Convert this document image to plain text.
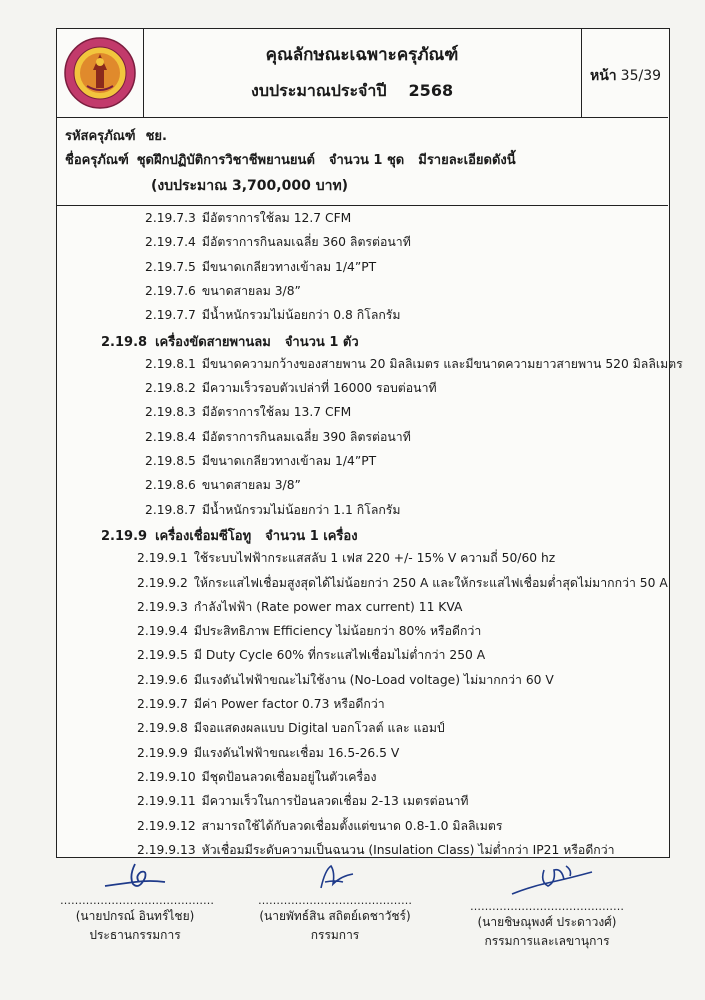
คุณลักษณะเฉพาะครุภัณฑ์
งบประมาณประจำปี 2568
หน้า 35/39
รหัสครุภัณฑ์ ชย.
ชื่อครุภัณฑ์ ชุดฝึกปฏิบัติการวิชาชีพยานยนต์ จำนวน 1 ชุด มีรายละเอียดดังนี้
(งบประมาณ 3,700,000 บาท)
2.19.7.3 มีอัตราการใช้ลม 12.7 CFM
2.19.7.4 มีอัตราการกินลมเฉลี่ย 360 ลิตรต่อนาที
2.19.7.5 มีขนาดเกลียวทางเข้าลม 1/4”PT
2.19.7.6 ขนาดสายลม 3/8”
2.19.7.7 มีน้ำหนักรวมไม่น้อยกว่า 0.8 กิโลกรัม
2.19.8 เครื่องขัดสายพานลม จำนวน 1 ตัว
2.19.8.1 มีขนาดความกว้างของสายพาน 20 มิลลิเมตร และมีขนาดความยาวสายพาน 520 มิลลิเมตร
2.19.8.2 มีความเร็วรอบตัวเปล่าที่ 16000 รอบต่อนาที
2.19.8.3 มีอัตราการใช้ลม 13.7 CFM
2.19.8.4 มีอัตราการกินลมเฉลี่ย 390 ลิตรต่อนาที
2.19.8.5 มีขนาดเกลียวทางเข้าลม 1/4”PT
2.19.8.6 ขนาดสายลม 3/8”
2.19.8.7 มีน้ำหนักรวมไม่น้อยกว่า 1.1 กิโลกรัม
2.19.9 เครื่องเชื่อมซีโอทู จำนวน 1 เครื่อง
2.19.9.1 ใช้ระบบไฟฟ้ากระแสสลับ 1 เฟส 220 +/- 15% V ความถี่ 50/60 hz
2.19.9.2 ให้กระแสไฟเชื่อมสูงสุดได้ไม่น้อยกว่า 250 A และให้กระแสไฟเชื่อมต่ำสุดไม่มากกว่า 50 A
2.19.9.3 กำลังไฟฟ้า (Rate power max current) 11 KVA
2.19.9.4 มีประสิทธิภาพ Efficiency ไม่น้อยกว่า 80% หรือดีกว่า
2.19.9.5 มี Duty Cycle 60% ที่กระแสไฟเชื่อมไม่ต่ำกว่า 250 A
2.19.9.6 มีแรงดันไฟฟ้าขณะไม่ใช้งาน (No-Load voltage) ไม่มากกว่า 60 V
2.19.9.7 มีค่า Power factor 0.73 หรือดีกว่า
2.19.9.8 มีจอแสดงผลแบบ Digital บอกโวลต์ และ แอมป์
2.19.9.9 มีแรงดันไฟฟ้าขณะเชื่อม 16.5-26.5 V
2.19.9.10 มีชุดป้อนลวดเชื่อมอยู่ในตัวเครื่อง
2.19.9.11 มีความเร็วในการป้อนลวดเชื่อม 2-13 เมตรต่อนาที
2.19.9.12 สามารถใช้ได้กับลวดเชื่อมตั้งแต่ขนาด 0.8-1.0 มิลลิเมตร
2.19.9.13 หัวเชื่อมมีระดับความเป็นฉนวน (Insulation Class) ไม่ต่ำกว่า IP21 หรือดีกว่า
……………………………………
(นายปกรณ์ อินทร์ไชย)
ประธานกรรมการ
……………………………………
(นายพัทธ์สิน สถิตย์เดชาวัชร์)
กรรมการ
……………………………………
(นายชิษณุพงศ์ ประดาวงศ์)
กรรมการและเลขานุการ
